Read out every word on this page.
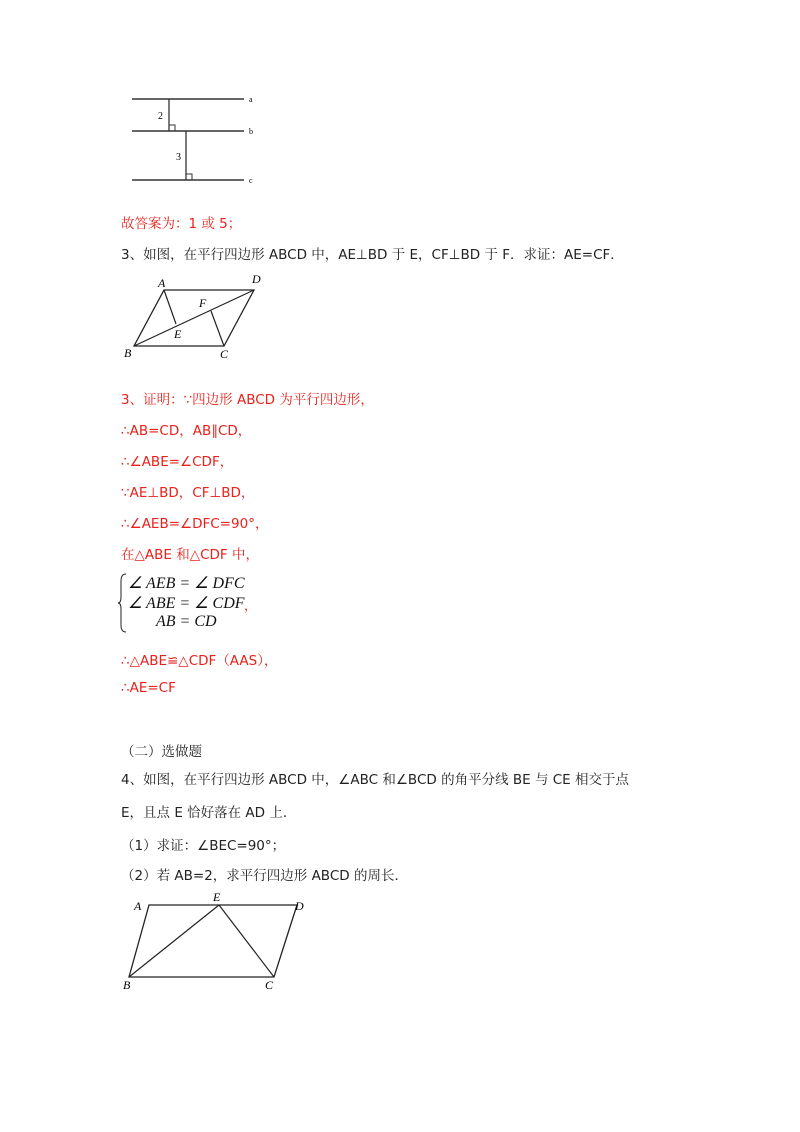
2
3
a
b
c
故答案为：1 或 5；
3、如图，在平行四边形 ABCD 中，AE⊥BD 于 E，CF⊥BD 于 F．求证：AE=CF．
A	D
F
E
B	C
3、证明：∵四边形 ABCD 为平行四边形，
∴AB=CD，AB∥CD，
∴∠ABE=∠CDF，
∵AE⊥BD，CF⊥BD，
∴∠AEB=∠DFC=90°，
在△ABE 和△CDF 中，
∠ AEB = ∠ DFC
∠ ABE = ∠ CDF
AB = CD
，
∴△ABE≌△CDF（AAS），
∴AE=CF
（二）选做题
4、如图，在平行四边形 ABCD 中，∠ABC 和∠BCD 的角平分线 BE 与 CE 相交于点
E，且点 E 恰好落在 AD 上．
（1）求证：∠BEC=90°；
（2）若 AB=2，求平行四边形 ABCD 的周长．
A
E
D
B	C
